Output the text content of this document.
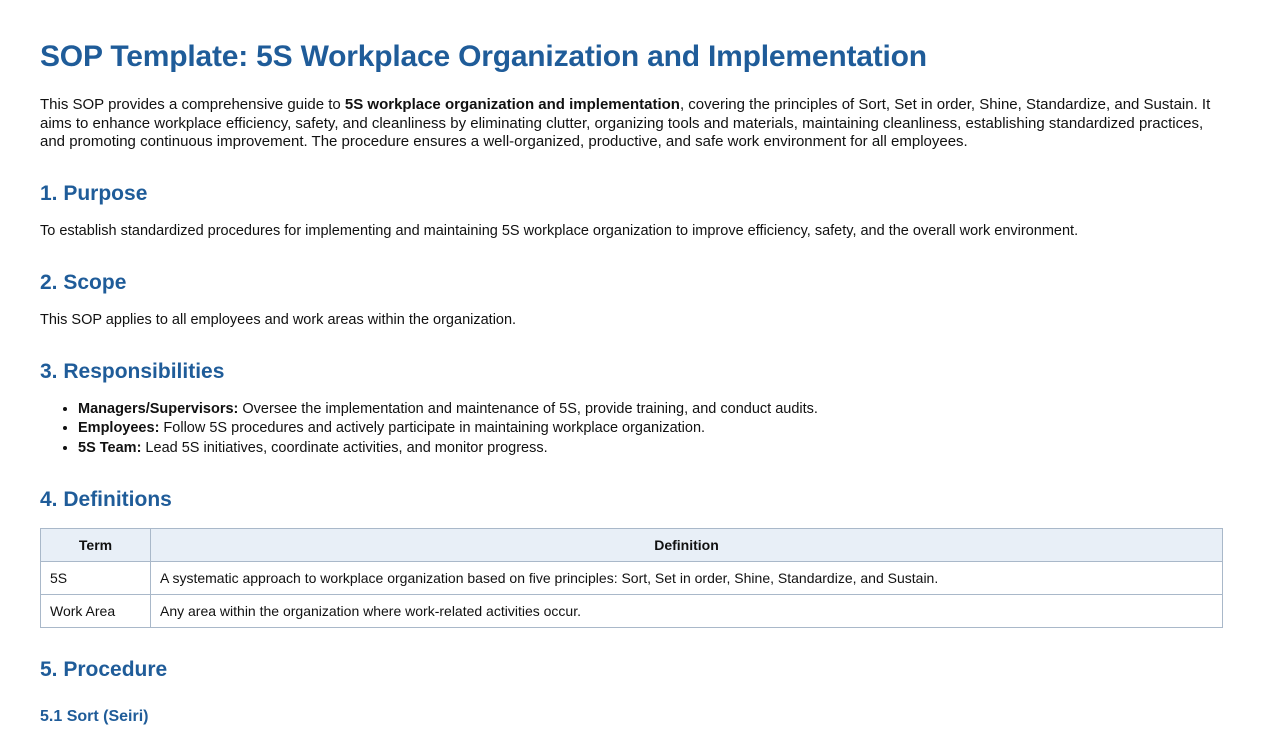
SOP Template: 5S Workplace Organization and Implementation

This SOP provides a comprehensive guide to 5S workplace organization and implementation, covering the principles of Sort, Set in order, Shine, Standardize, and Sustain. It aims to enhance workplace efficiency, safety, and cleanliness by eliminating clutter, organizing tools and materials, maintaining cleanliness, establishing standardized practices, and promoting continuous improvement. The procedure ensures a well-organized, productive, and safe work environment for all employees.

1. Purpose

To establish standardized procedures for implementing and maintaining 5S workplace organization to improve efficiency, safety, and the overall work environment.

2. Scope

This SOP applies to all employees and work areas within the organization.

3. Responsibilities
• Managers/Supervisors: Oversee the implementation and maintenance of 5S, provide training, and conduct audits.
• Employees: Follow 5S procedures and actively participate in maintaining workplace organization.
• 5S Team: Lead 5S initiatives, coordinate activities, and monitor progress.
4. Definitions
Term	Definition
5S	A systematic approach to workplace organization based on five principles: Sort, Set in order, Shine, Standardize, and Sustain.
Work Area	Any area within the organization where work-related activities occur.
5. Procedure
5.1 Sort (Seiri)
